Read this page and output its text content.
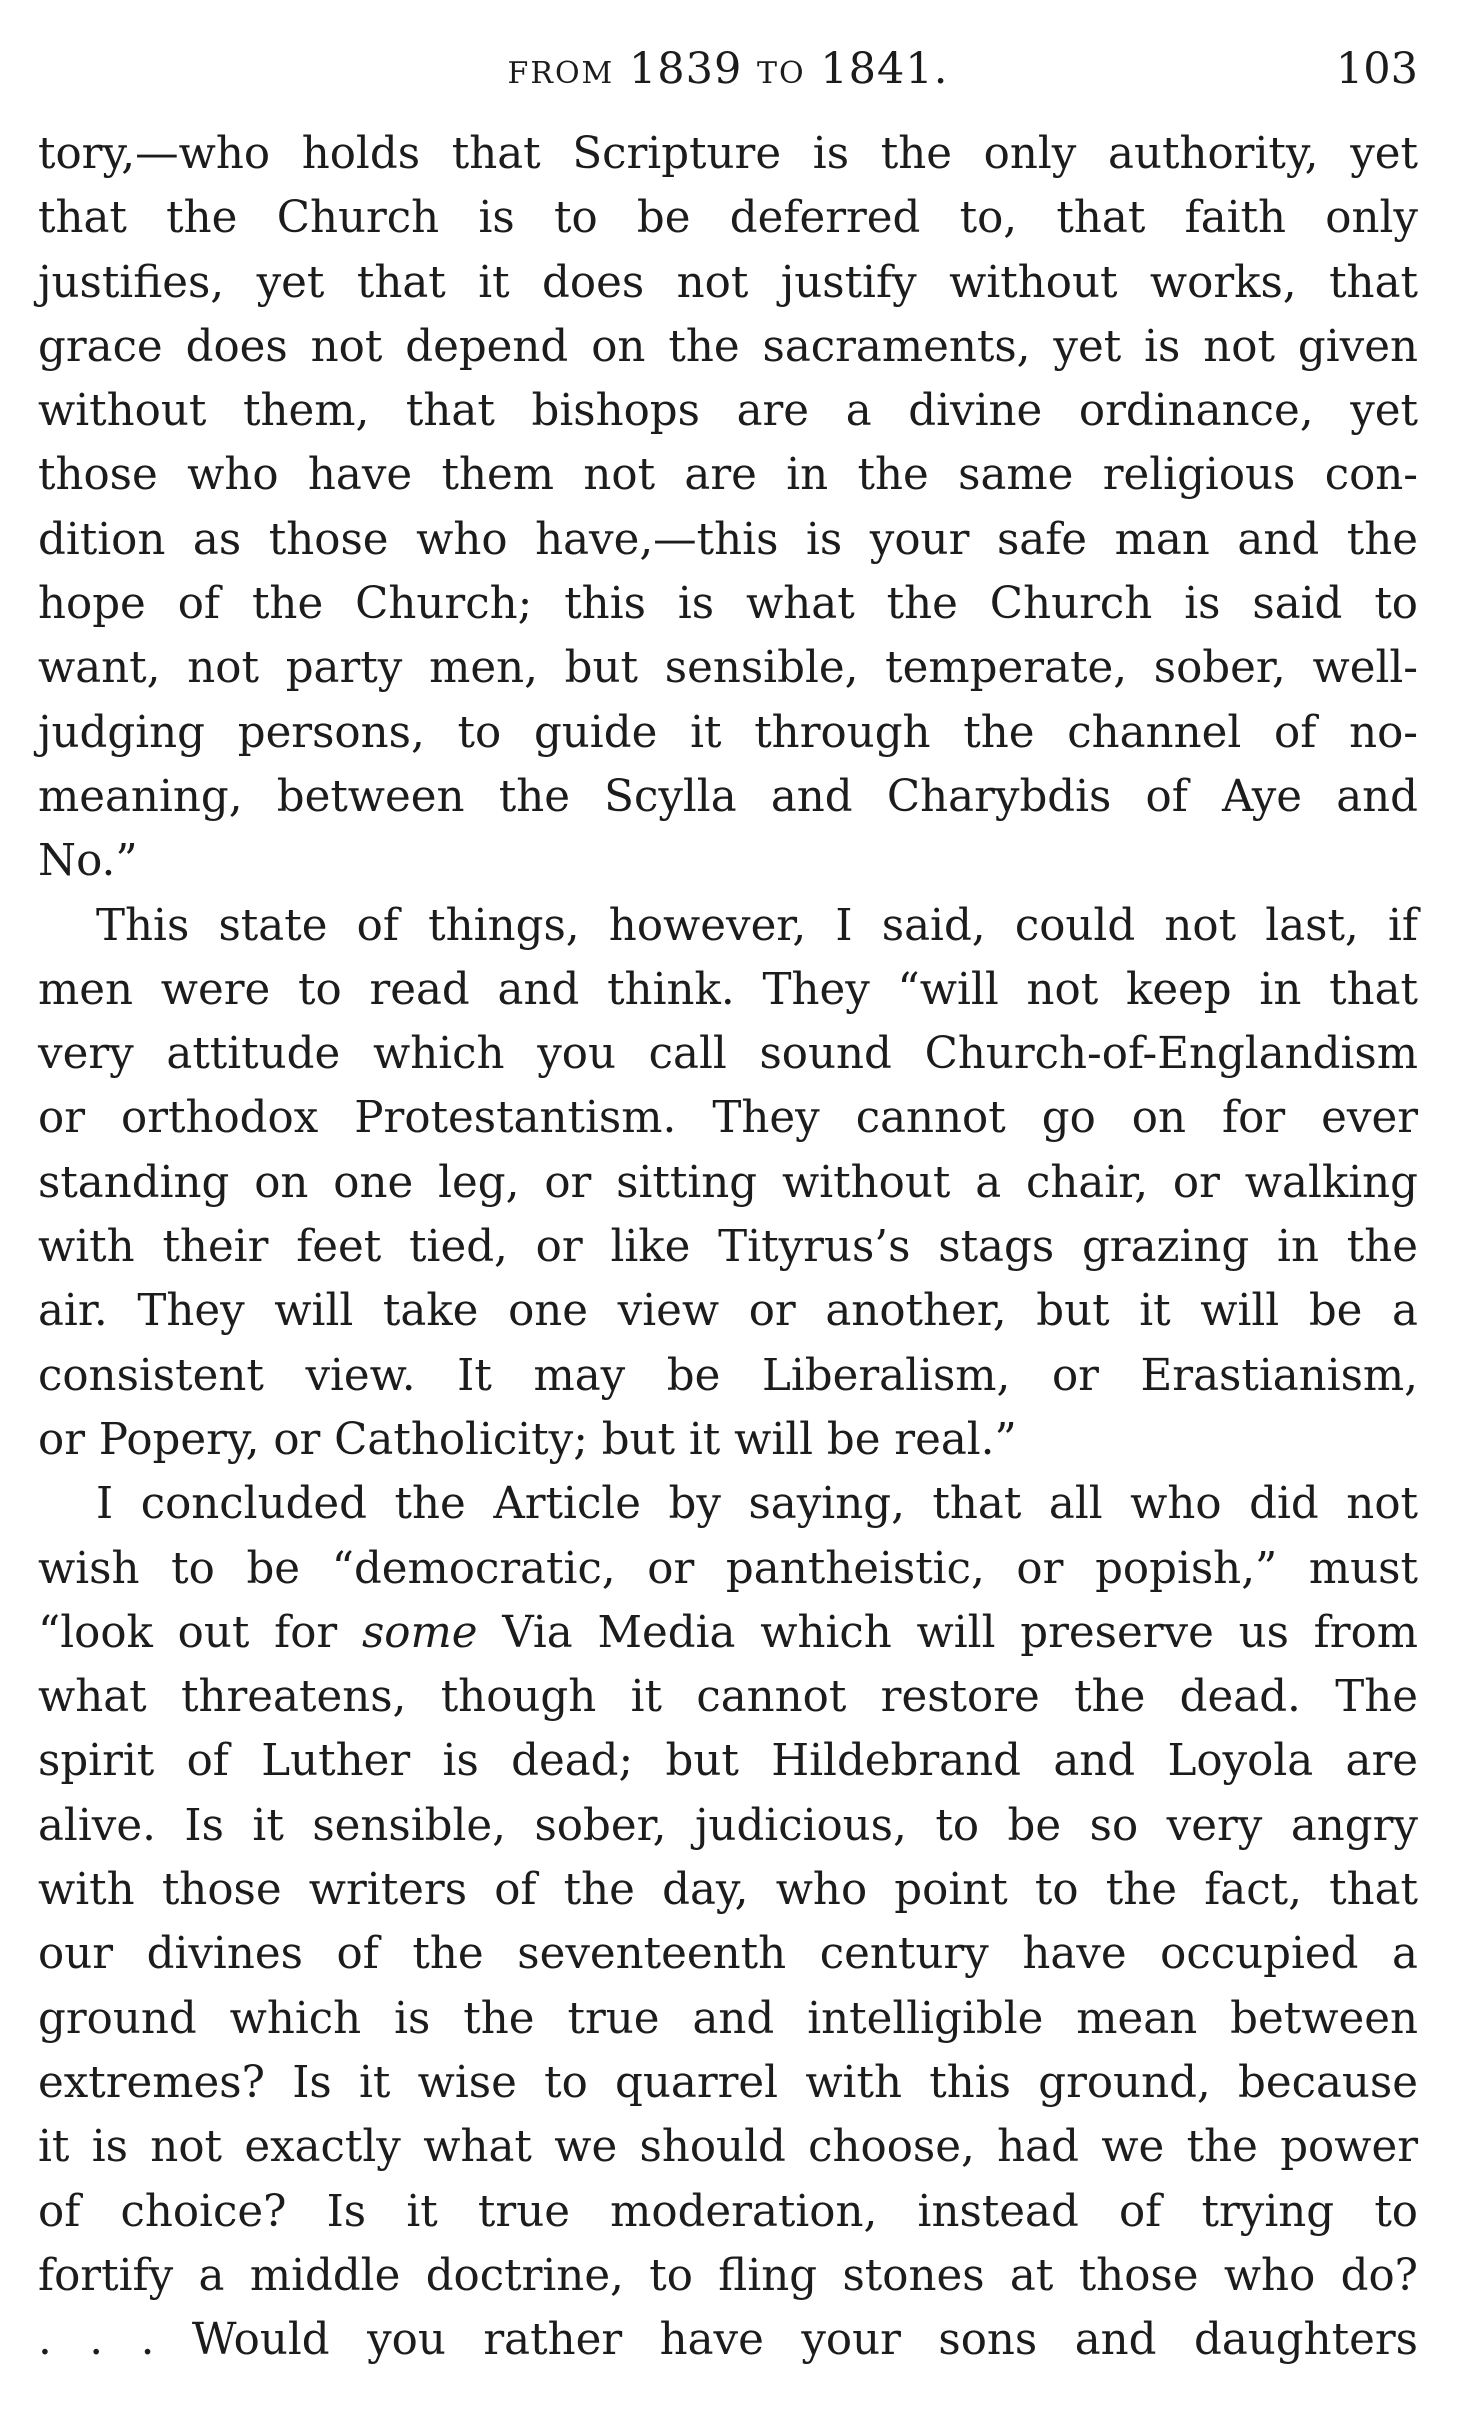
FROM 1839 TO 1841.	103

tory,—who holds that Scripture is the only authority, yet
that the Church is to be deferred to, that faith only
justifies, yet that it does not justify without works, that
grace does not depend on the sacraments, yet is not given
without them, that bishops are a divine ordinance, yet
those who have them not are in the same religious con-
dition as those who have,—this is your safe man and the
hope of the Church; this is what the Church is said to
want, not party men, but sensible, temperate, sober, well-
judging persons, to guide it through the channel of no-
meaning, between the Scylla and Charybdis of Aye and
No.”

This state of things, however, I said, could not last, if
men were to read and think. They “will not keep in that
very attitude which you call sound Church-of-Englandism
or orthodox Protestantism. They cannot go on for ever
standing on one leg, or sitting without a chair, or walking
with their feet tied, or like Tityrus’s stags grazing in the
air. They will take one view or another, but it will be a
consistent view. It may be Liberalism, or Erastianism,
or Popery, or Catholicity; but it will be real.”

I concluded the Article by saying, that all who did not
wish to be “democratic, or pantheistic, or popish,” must
“look out for some Via Media which will preserve us from
what threatens, though it cannot restore the dead. The
spirit of Luther is dead; but Hildebrand and Loyola are
alive. Is it sensible, sober, judicious, to be so very angry
with those writers of the day, who point to the fact, that
our divines of the seventeenth century have occupied a
ground which is the true and intelligible mean between
extremes? Is it wise to quarrel with this ground, because
it is not exactly what we should choose, had we the power
of choice? Is it true moderation, instead of trying to
fortify a middle doctrine, to fling stones at those who do?
. . . Would you rather have your sons and daughters
